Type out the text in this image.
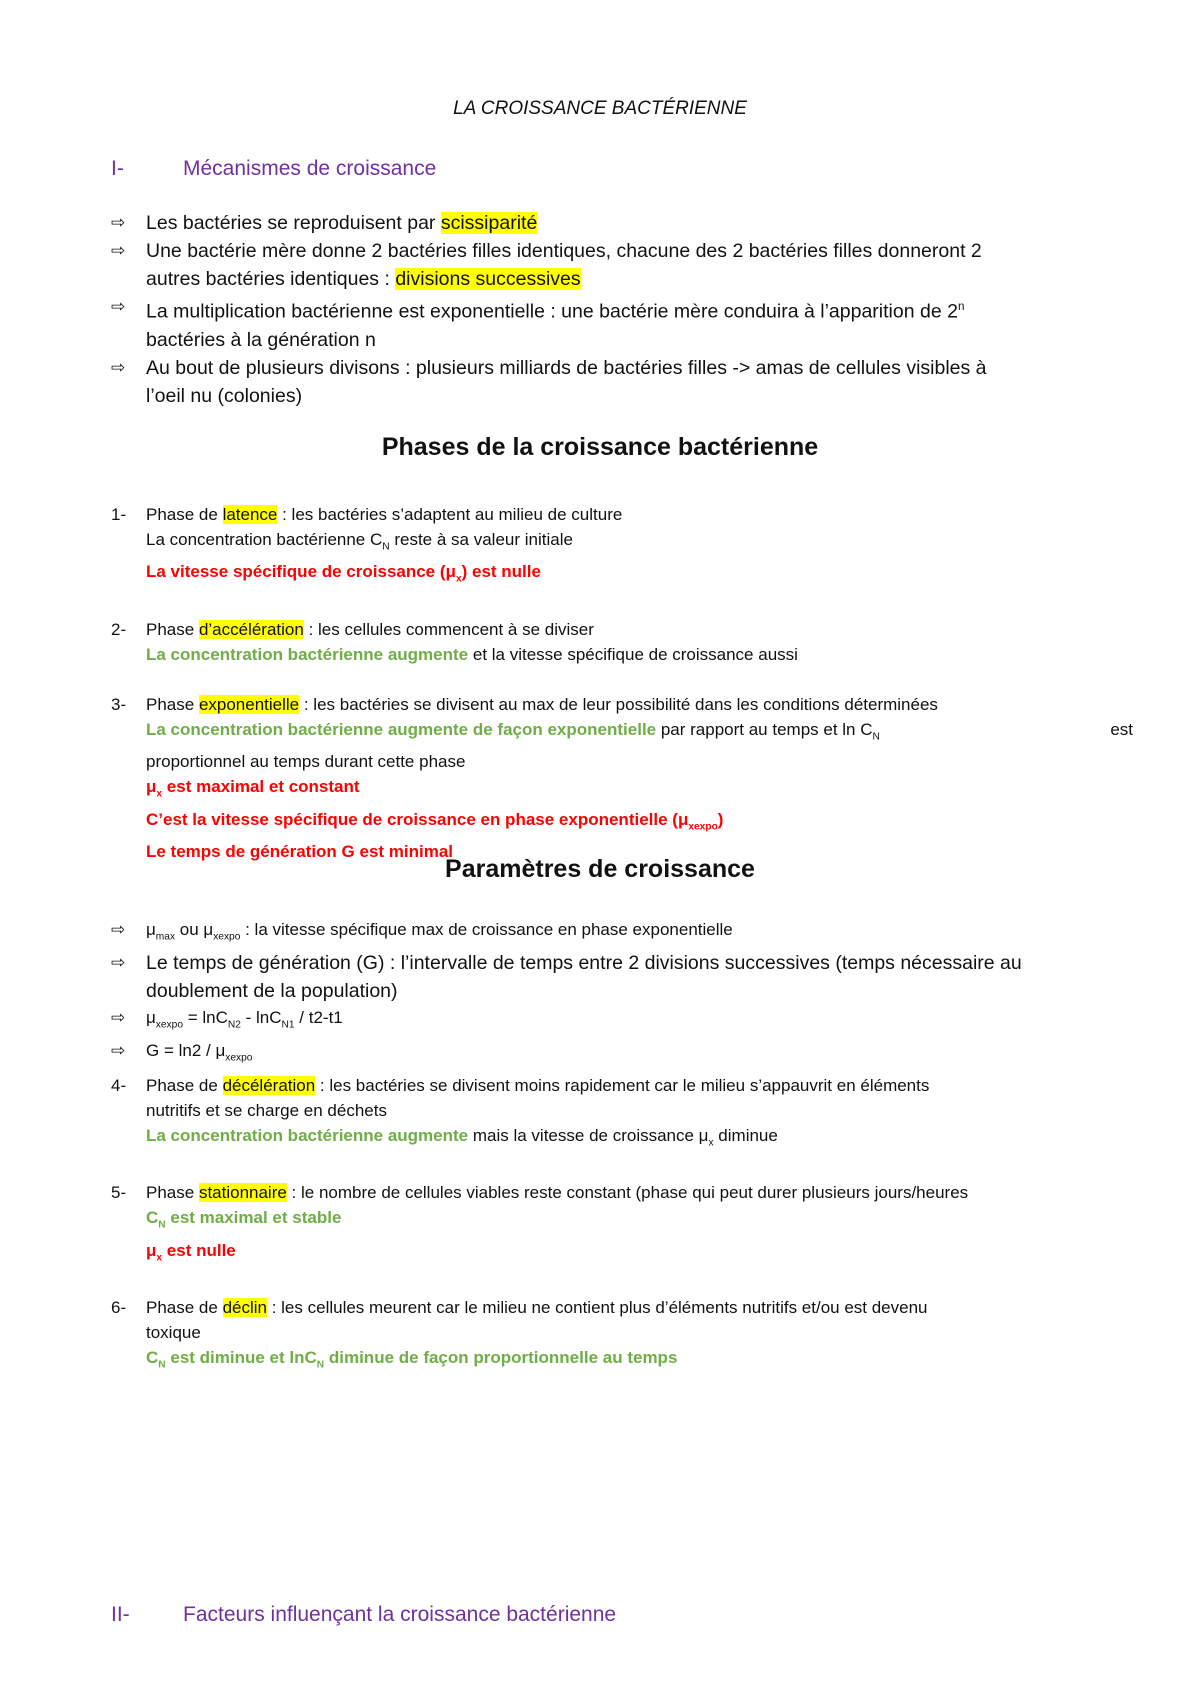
LA CROISSANCE BACTÉRIENNE
I-	Mécanismes de croissance
⇨ Les bactéries se reproduisent par scissiparité
⇨ Une bactérie mère donne 2 bactéries filles identiques, chacune des 2 bactéries filles donneront 2
autres bactéries identiques : divisions successives
⇨ La multiplication bactérienne est exponentielle : une bactérie mère conduira à l’apparition de 2$^n$
bactéries à la génération n
⇨ Au bout de plusieurs divisons : plusieurs milliards de bactéries filles -> amas de cellules visibles à
l’oeil nu (colonies)
Phases de la croissance bactérienne
1- Phase de latence : les bactéries s’adaptent au milieu de culture
La concentration bactérienne $C_N$ reste à sa valeur initiale
La vitesse spécifique de croissance $(\mu_x)$ est nulle
2- Phase d’accélération : les cellules commencent à se diviser
La concentration bactérienne augmente et la vitesse spécifique de croissance aussi
3- Phase exponentielle : les bactéries se divisent au max de leur possibilité dans les conditions déterminées
La concentration bactérienne augmente de façon exponentielle par rapport au temps et $\ln C_N$	est
proportionnel au temps durant cette phase
$\mu_x$ est maximal et constant
C’est la vitesse spécifique de croissance en phase exponentielle $(\mu_{xexpo})$
Le temps de génération G est minimal
Paramètres de croissance
⇨ $\mu_{max}$ ou $\mu_{xexpo}$ : la vitesse spécifique max de croissance en phase exponentielle
⇨ Le temps de génération (G) : l’intervalle de temps entre 2 divisions successives (temps nécessaire au
doublement de la population)
⇨ $\mu_{xexpo} = \ln C_{N2} - \ln C_{N1} / t2-t1$
⇨ $G = \ln 2 / \mu_{xexpo}$
4- Phase de décélération : les bactéries se divisent moins rapidement car le milieu s’appauvrit en éléments
nutritifs et se charge en déchets
La concentration bactérienne augmente mais la vitesse de croissance $\mu_x$ diminue
5- Phase stationnaire : le nombre de cellules viables reste constant (phase qui peut durer plusieurs jours/heures
$C_N$ est maximal et stable
$\mu_x$ est nulle
6- Phase de déclin : les cellules meurent car le milieu ne contient plus d’éléments nutritifs et/ou est devenu
toxique
$C_N$ est diminue et lnC$_N$ diminue de façon proportionnelle au temps
II-	Facteurs influençant la croissance bactérienne
